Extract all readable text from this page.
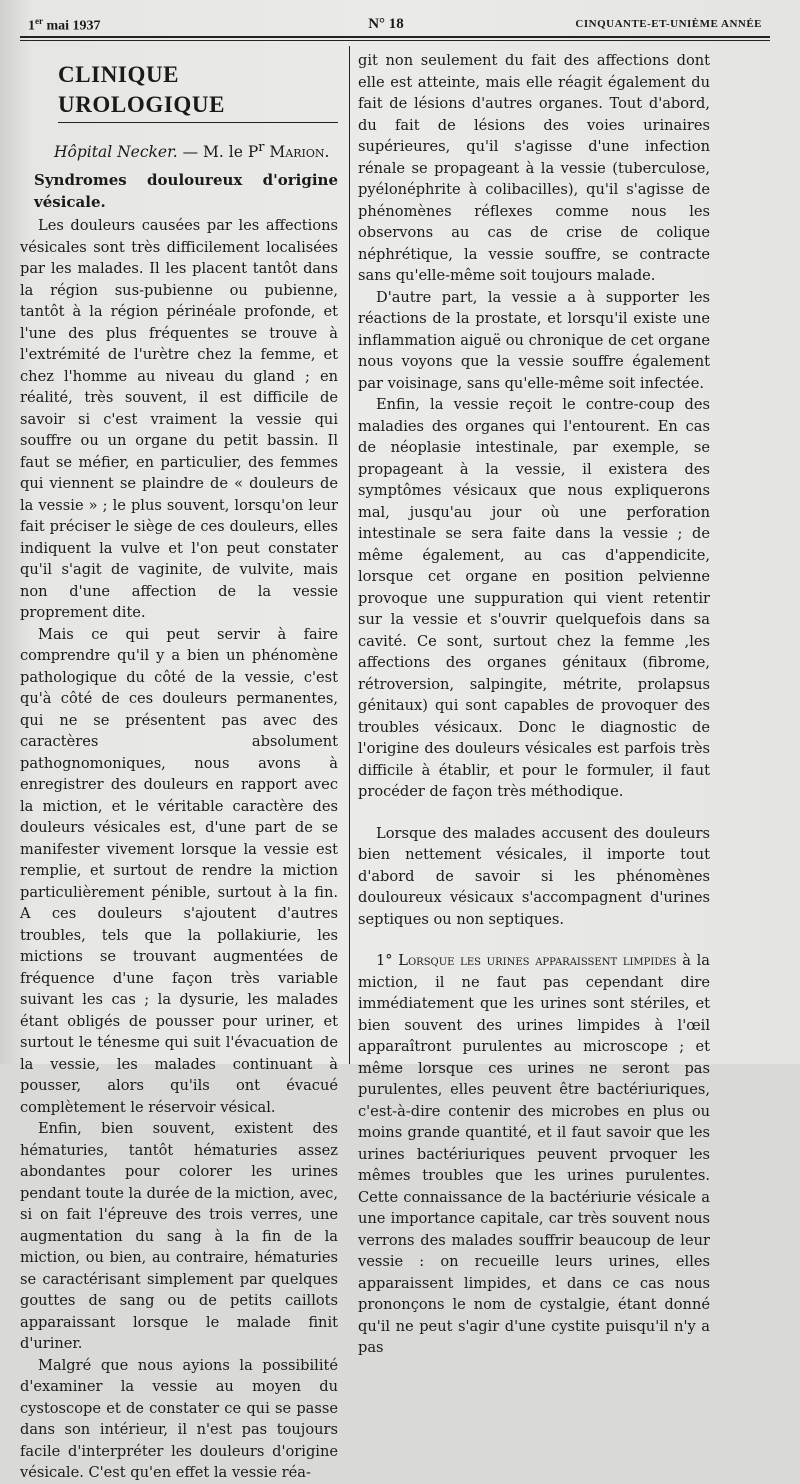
1er mai 1937	N° 18	CINQUANTE-ET-UNIÈME ANNÉE
CLINIQUE UROLOGIQUE
Hôpital Necker. — M. le $P^r$ Marion.
Syndromes douloureux d'origine vésicale.

Les douleurs causées par les affections vésicales sont très difficilement localisées par les malades. Il les placent tantôt dans la région sus-pubienne ou pubienne, tantôt à la région périnéale profonde, et l'une des plus fréquentes se trouve à l'extrémité de l'urètre chez la femme, et chez l'homme au niveau du gland ; en réalité, très souvent, il est difficile de savoir si c'est vraiment la vessie qui souffre ou un organe du petit bassin. Il faut se méfier, en particulier, des femmes qui viennent se plaindre de « douleurs de la vessie » ; le plus souvent, lorsqu'on leur fait préciser le siège de ces douleurs, elles indiquent la vulve et l'on peut constater qu'il s'agit de vaginite, de vulvite, mais non d'une affection de la vessie proprement dite.

Mais ce qui peut servir à faire comprendre qu'il y a bien un phénomène pathologique du côté de la vessie, c'est qu'à côté de ces douleurs permanentes, qui ne se présentent pas avec des caractères absolument pathognomoniques, nous avons à enregistrer des douleurs en rapport avec la miction, et le véritable caractère des douleurs vésicales est, d'une part de se manifester vivement lorsque la vessie est remplie, et surtout de rendre la miction particulièrement pénible, surtout à la fin. A ces douleurs s'ajoutent d'autres troubles, tels que la pollakiurie, les mictions se trouvant augmentées de fréquence d'une façon très variable suivant les cas ; la dysurie, les malades étant obligés de pousser pour uriner, et surtout le ténesme qui suit l'évacuation de la vessie, les malades continuant à pousser, alors qu'ils ont évacué complètement le réservoir vésical.

Enfin, bien souvent, existent des hématuries, tantôt hématuries assez abondantes pour colorer les urines pendant toute la durée de la miction, avec, si on fait l'épreuve des trois verres, une augmentation du sang à la fin de la miction, ou bien, au contraire, hématuries se caractérisant simplement par quelques gouttes de sang ou de petits caillots apparaissant lorsque le malade finit d'uriner.

Malgré que nous ayions la possibilité d'examiner la vessie au moyen du cystoscope et de constater ce qui se passe dans son intérieur, il n'est pas toujours facile d'interpréter les douleurs d'origine vésicale. C'est qu'en effet la vessie réa-

git non seulement du fait des affections dont elle est atteinte, mais elle réagit également du fait de lésions d'autres organes. Tout d'abord, du fait de lésions des voies urinaires supérieures, qu'il s'agisse d'une infection rénale se propageant à la vessie (tuberculose, pyélonéphrite à colibacilles), qu'il s'agisse de phénomènes réflexes comme nous les observons au cas de crise de colique néphrétique, la vessie souffre, se contracte sans qu'elle-même soit toujours malade.

D'autre part, la vessie a à supporter les réactions de la prostate, et lorsqu'il existe une inflammation aiguë ou chronique de cet organe nous voyons que la vessie souffre également par voisinage, sans qu'elle-même soit infectée.

Enfin, la vessie reçoit le contre-coup des maladies des organes qui l'entourent. En cas de néoplasie intestinale, par exemple, se propageant à la vessie, il existera des symptômes vésicaux que nous expliquerons mal, jusqu'au jour où une perforation intestinale se sera faite dans la vessie ; de même également, au cas d'appendicite, lorsque cet organe en position pelvienne provoque une suppuration qui vient retentir sur la vessie et s'ouvrir quelquefois dans sa cavité. Ce sont, surtout chez la femme ,les affections des organes génitaux (fibrome, rétroversion, salpingite, métrite, prolapsus génitaux) qui sont capables de provoquer des troubles vésicaux. Donc le diagnostic de l'origine des douleurs vésicales est parfois très difficile à établir, et pour le formuler, il faut procéder de façon très méthodique.

Lorsque des malades accusent des douleurs bien nettement vésicales, il importe tout d'abord de savoir si les phénomènes douloureux vésicaux s'accompagnent d'urines septiques ou non septiques.

1° Lorsque les urines apparaissent limpides à la miction, il ne faut pas cependant dire immédiatement que les urines sont stériles, et bien souvent des urines limpides à l'œil apparaîtront purulentes au microscope ; et même lorsque ces urines ne seront pas purulentes, elles peuvent être bactériuriques, c'est-à-dire contenir des microbes en plus ou moins grande quantité, et il faut savoir que les urines bactériuriques peuvent prvoquer les mêmes troubles que les urines purulentes. Cette connaissance de la bactériurie vésicale a une importance capitale, car très souvent nous verrons des malades souffrir beaucoup de leur vessie : on recueille leurs urines, elles apparaissent limpides, et dans ce cas nous prononçons le nom de cystalgie, étant donné qu'il ne peut s'agir d'une cystite puisqu'il n'y a pas
